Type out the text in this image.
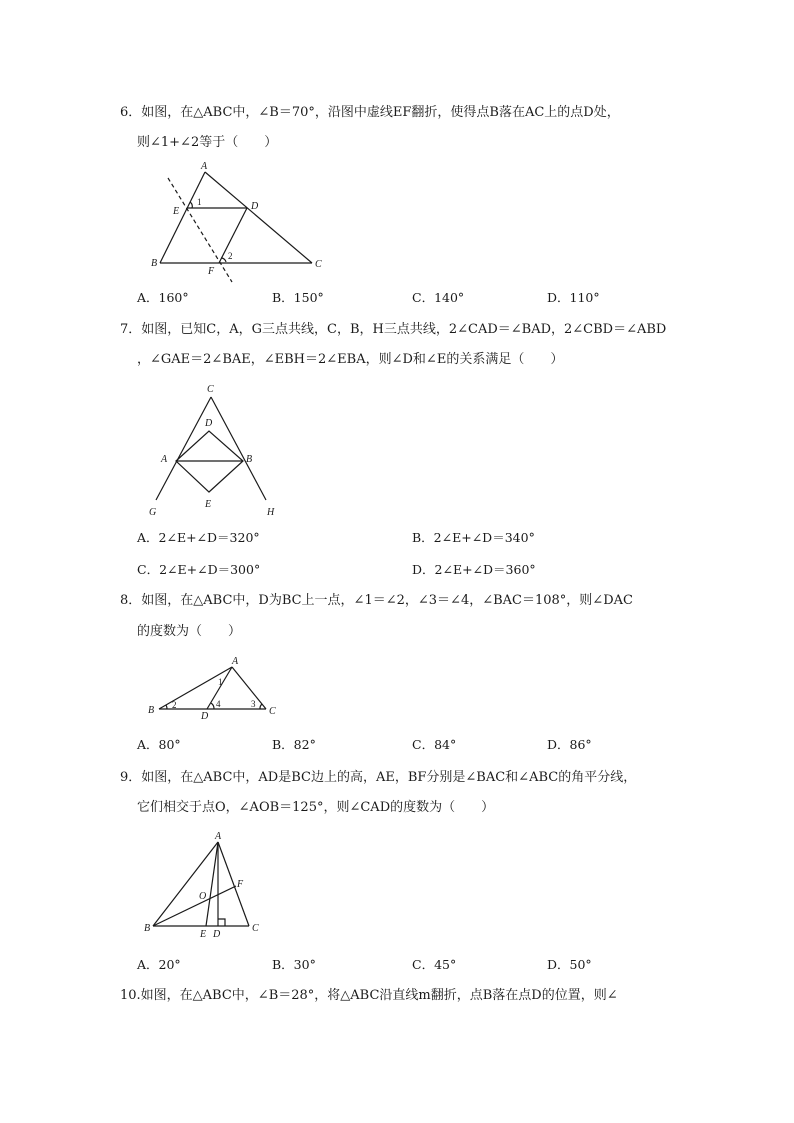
6．如图，在△ABC中，∠B＝70°，沿图中虚线EF翻折，使得点B落在AC上的点D处，
则∠1+∠2等于（　　）
A
E
1	D
B
F
2
C
A．160°	B．150°	C．140°	D．110°
7．如图，已知C，A，G三点共线，C，B，H三点共线，2∠CAD＝∠BAD，2∠CBD＝∠ABD
，∠GAE＝2∠BAE，∠EBH＝2∠EBA，则∠D和∠E的关系满足（　　）
C
D
A	B
E
G	H
A．2∠E+∠D＝320°	B．2∠E+∠D＝340°
C．2∠E+∠D＝300°	D．2∠E+∠D＝360°
8．如图，在△ABC中，D为BC上一点，∠1＝∠2，∠3＝∠4，∠BAC＝108°，则∠DAC
的度数为（　　）
A
1
B 2	4
D
3
C
A．80°	B．82°	C．84°	D．86°
9．如图，在△ABC中，AD是BC边上的高，AE，BF分别是∠BAC和∠ABC的角平分线，
它们相交于点O，∠AOB＝125°，则∠CAD的度数为（　　）
A
F
O
B
E D
C
A．20°	B．30°	C．45°	D．50°
10.如图，在△ABC中，∠B＝28°，将△ABC沿直线m翻折，点B落在点D的位置，则∠
